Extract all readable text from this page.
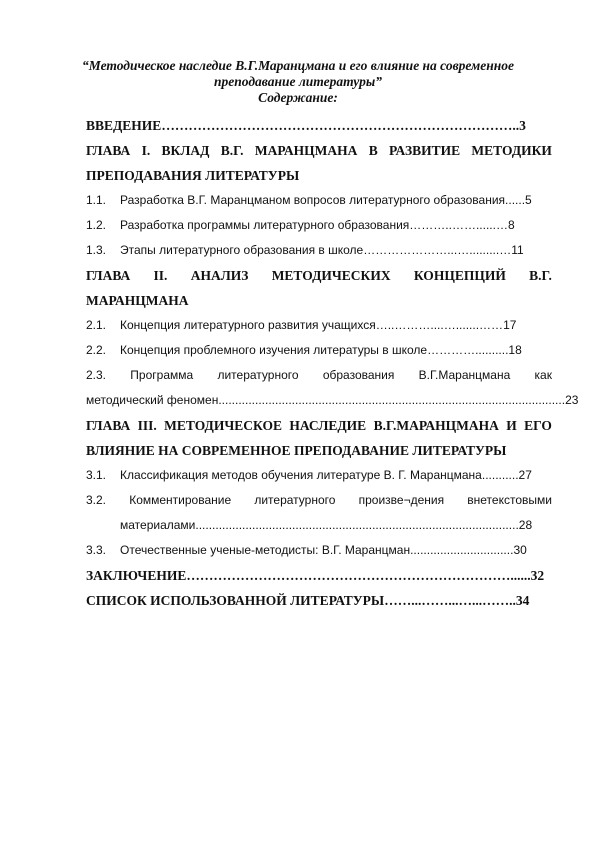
“Методическое наследие В.Г.Маранцмана и его влияние на современное
преподавание литературы”
Содержание:
ВВЕДЕНИЕ …………………………………………………………………….. 3
ГЛАВА I. ВКЛАД В.Г. МАРАНЦМАНА В РАЗВИТИЕ МЕТОДИКИ
ПРЕПОДАВАНИЯ ЛИТЕРАТУРЫ
1.1.	Разработка В.Г. Маранцманом вопросов литературного образования ...... 5
1.2.	Разработка программы литературного образования ………..……......… 8
1.3.	Этапы литературного образования в школе …………………...….........… 11
ГЛАВА II. АНАЛИЗ МЕТОДИЧЕСКИХ КОНЦЕПЦИЙ В.Г.
МАРАНЦМАНА
2.1.	Концепция литературного развития учащихся …..………....….......…… 17
2.2.	Концепция проблемного изучения литературы в школе ………….......... 18
2.3. Программа литературного образования В.Г.Маранцмана как
методический феномен ........................................................................................................ 23
ГЛАВА III. МЕТОДИЧЕСКОЕ НАСЛЕДИЕ В.Г.МАРАНЦМАНА И ЕГО
ВЛИЯНИЕ НА СОВРЕМЕННОЕ ПРЕПОДАВАНИЕ ЛИТЕРАТУРЫ
3.1.	Классификация методов обучения литературе В. Г. Маранцмана ........... 27
3.2. Комментирование литературного произве¬дения внетекстовыми
материалами ................................................................................................. 28
3.3.	Отечественные ученые-методисты: В.Г. Маранцман ............................... 30
ЗАКЛЮЧЕНИЕ ………………………………………………………………...... 32
СПИСОК ИСПОЛЬЗОВАННОЙ ЛИТЕРАТУРЫ ……...……...…...…….. 34
